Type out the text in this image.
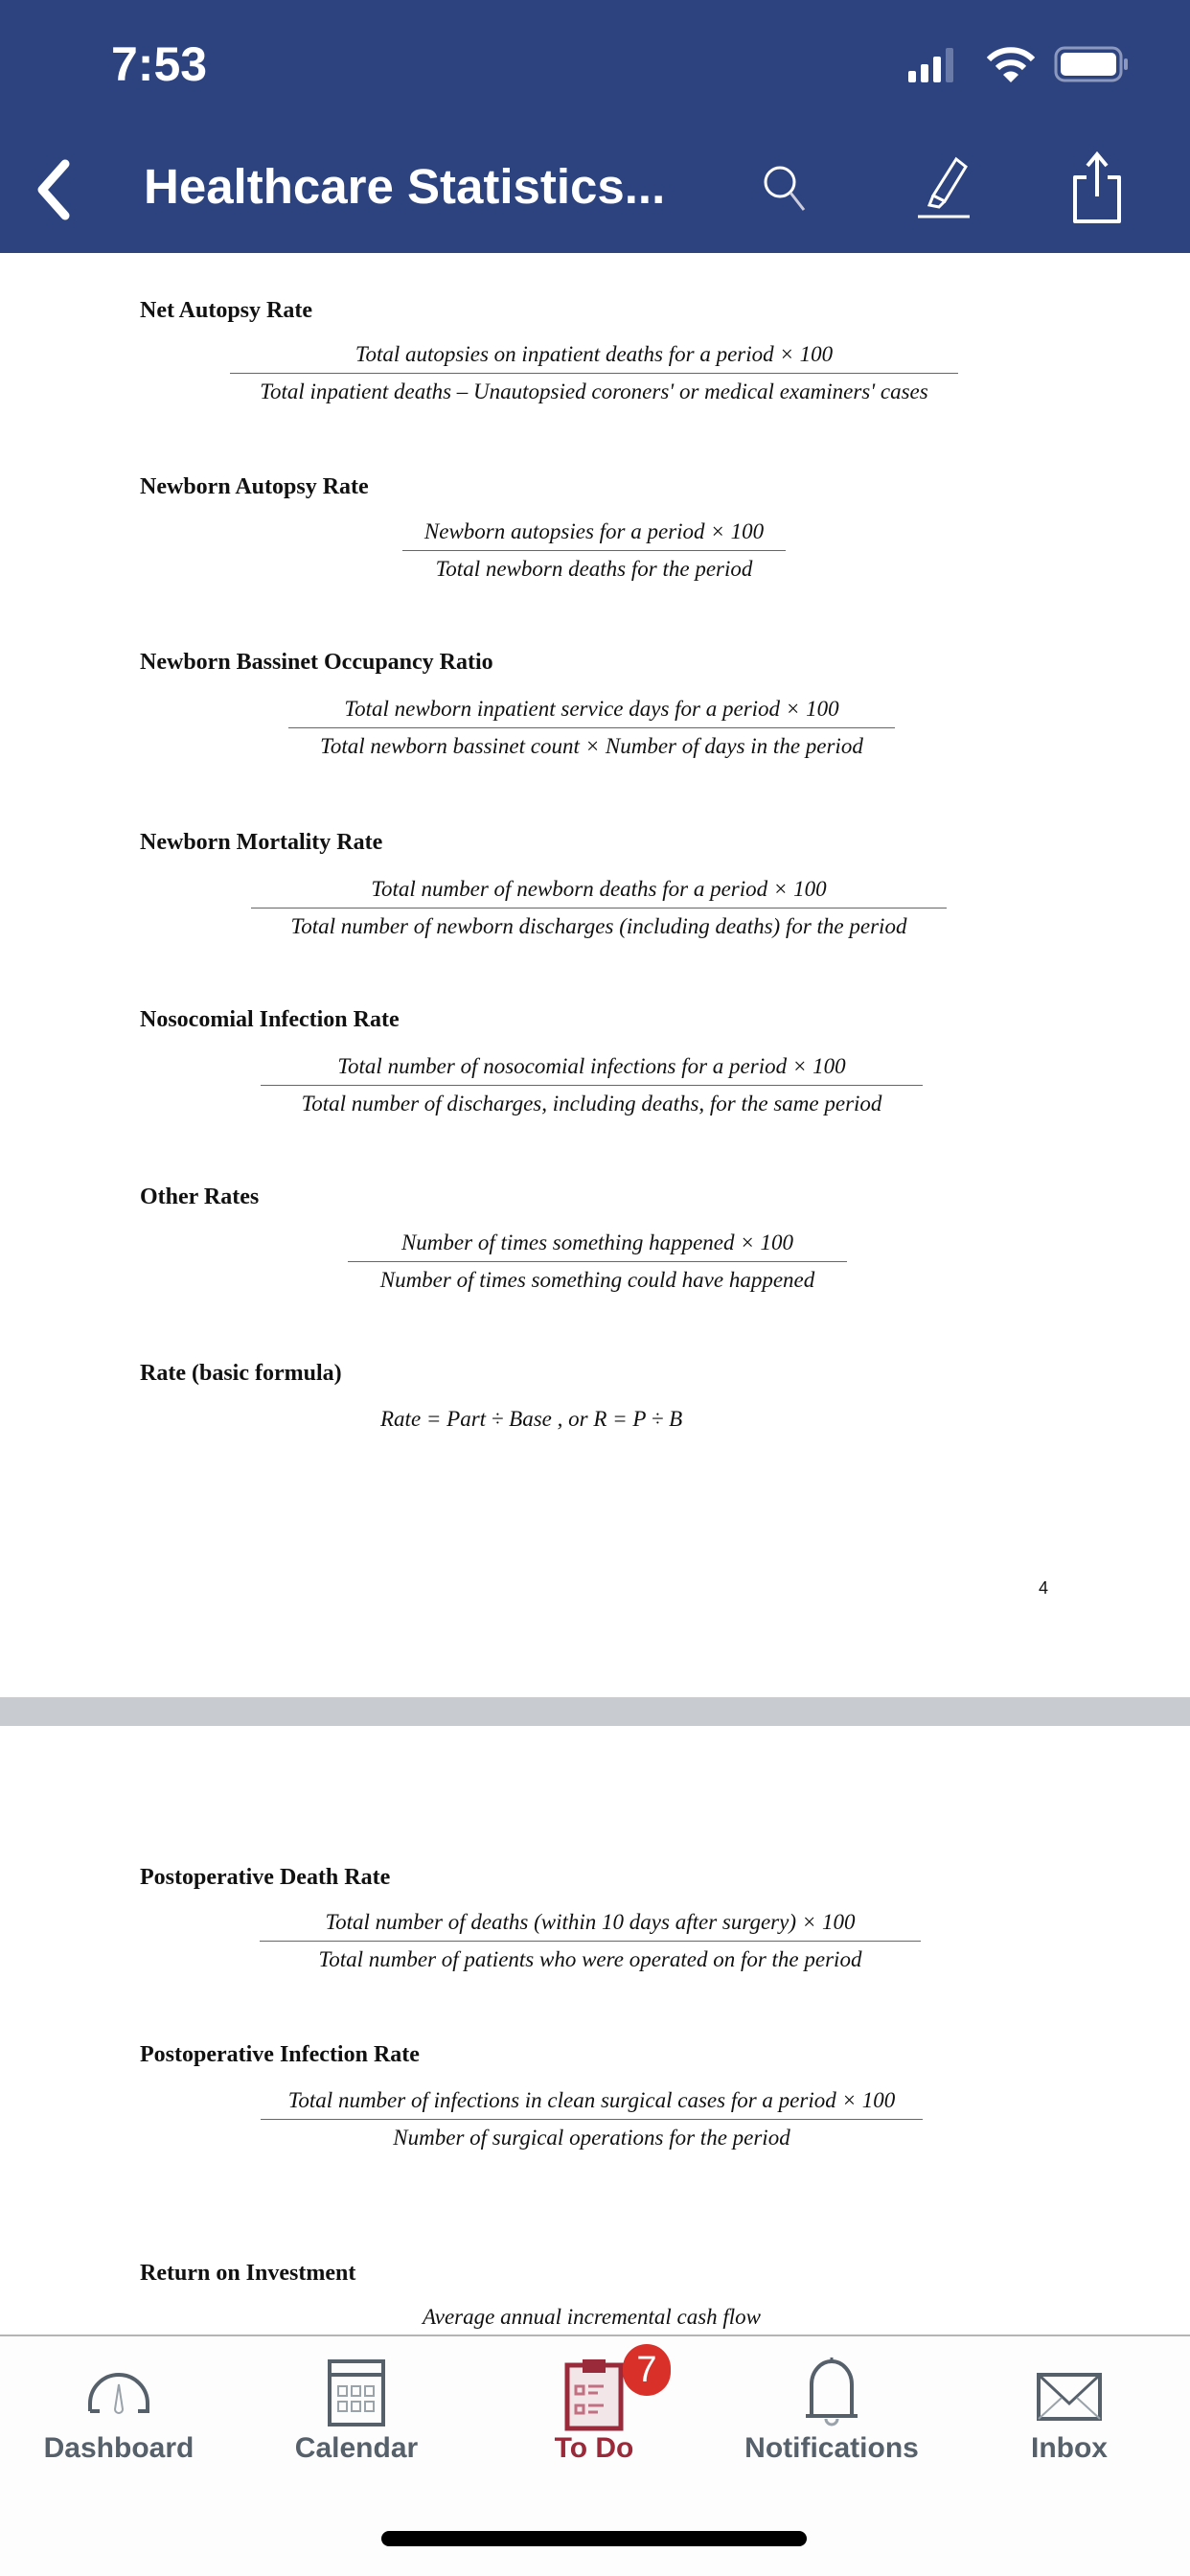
7:53
Healthcare Statistics...
Net Autopsy Rate
Total autopsies on inpatient deaths for a period × 100
Total inpatient deaths – Unautopsied coroners' or medical examiners' cases
Newborn Autopsy Rate
Newborn autopsies for a period × 100
Total newborn deaths for the period
Newborn Bassinet Occupancy Ratio
Total newborn inpatient service days for a period × 100
Total newborn bassinet count × Number of days in the period
Newborn Mortality Rate
Total number of newborn deaths for a period × 100
Total number of newborn discharges (including deaths) for the period
Nosocomial Infection Rate
Total number of nosocomial infections for a period × 100
Total number of discharges, including deaths, for the same period
Other Rates
Number of times something happened × 100
Number of times something could have happened
Rate (basic formula)
Rate = Part ÷ Base , or R = P ÷ B
4
Postoperative Death Rate
Total number of deaths (within 10 days after surgery) × 100
Total number of patients who were operated on for the period
Postoperative Infection Rate
Total number of infections in clean surgical cases for a period × 100
Number of surgical operations for the period
Return on Investment
Average annual incremental cash flow
Dashboard	Calendar	To Do	Notifications	Inbox
7
